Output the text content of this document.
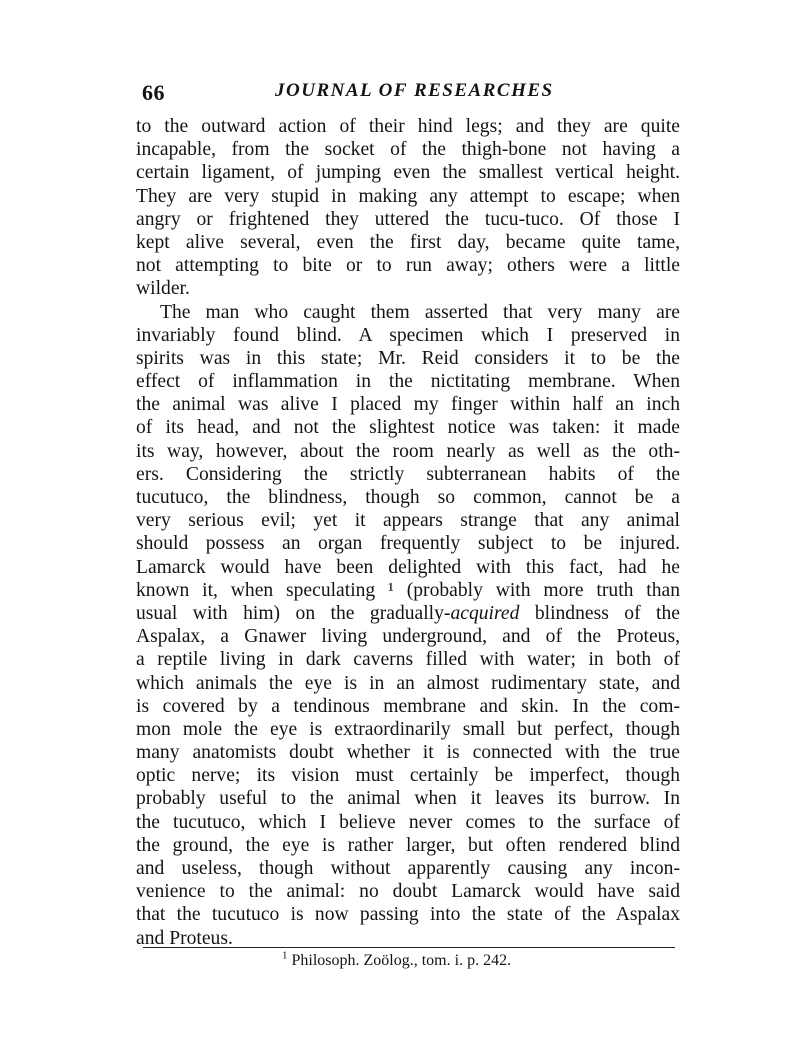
66	JOURNAL OF RESEARCHES
to the outward action of their hind legs; and they are quite
incapable, from the socket of the thigh-bone not having a
certain ligament, of jumping even the smallest vertical height.
They are very stupid in making any attempt to escape; when
angry or frightened they uttered the tucu-tuco. Of those I
kept alive several, even the first day, became quite tame,
not attempting to bite or to run away; others were a little
wilder.
The man who caught them asserted that very many are
invariably found blind. A specimen which I preserved in
spirits was in this state; Mr. Reid considers it to be the
effect of inflammation in the nictitating membrane. When
the animal was alive I placed my finger within half an inch
of its head, and not the slightest notice was taken: it made
its way, however, about the room nearly as well as the oth-
ers. Considering the strictly subterranean habits of the
tucutuco, the blindness, though so common, cannot be a
very serious evil; yet it appears strange that any animal
should possess an organ frequently subject to be injured.
Lamarck would have been delighted with this fact, had he
known it, when speculating ¹ (probably with more truth than
usual with him) on the gradually-acquired blindness of the
Aspalax, a Gnawer living underground, and of the Proteus,
a reptile living in dark caverns filled with water; in both of
which animals the eye is in an almost rudimentary state, and
is covered by a tendinous membrane and skin. In the com-
mon mole the eye is extraordinarily small but perfect, though
many anatomists doubt whether it is connected with the true
optic nerve; its vision must certainly be imperfect, though
probably useful to the animal when it leaves its burrow. In
the tucutuco, which I believe never comes to the surface of
the ground, the eye is rather larger, but often rendered blind
and useless, though without apparently causing any incon-
venience to the animal: no doubt Lamarck would have said
that the tucutuco is now passing into the state of the Aspalax
and Proteus.
$^1$ Philosoph. Zoölog., tom. i. p. 242.
